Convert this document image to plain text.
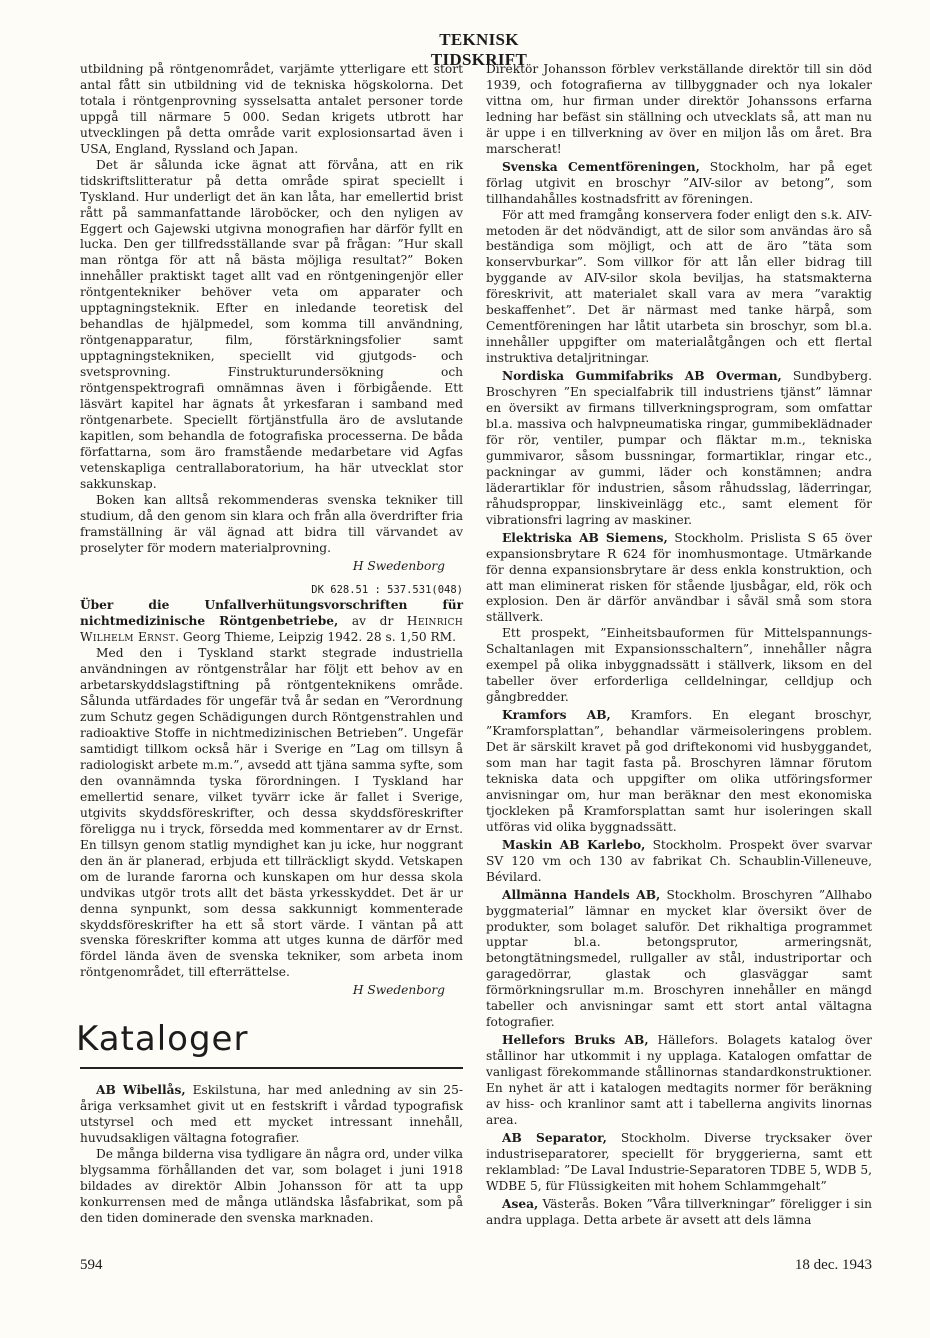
TEKNISK TIDSKRIFT

utbildning på röntgenområdet, varjämte ytterligare ett stort antal fått sin utbildning vid de tekniska högskolorna. Det totala i röntgenprovning sysselsatta antalet personer torde uppgå till närmare 5 000. Sedan krigets utbrott har utvecklingen på detta område varit explosionsartad även i USA, England, Ryssland och Japan.

Det är sålunda icke ägnat att förvåna, att en rik tidskriftslitteratur på detta område spirat speciellt i Tyskland. Hur underligt det än kan låta, har emellertid brist rått på sammanfattande läroböcker, och den nyligen av Eggert och Gajewski utgivna monografien har därför fyllt en lucka. Den ger tillfredsställande svar på frågan: ”Hur skall man röntga för att nå bästa möjliga resultat?” Boken innehåller praktiskt taget allt vad en röntgeningenjör eller röntgentekniker behöver veta om apparater och upptagningsteknik. Efter en inledande teoretisk del behandlas de hjälpmedel, som komma till användning, röntgenapparatur, film, förstärkningsfolier samt upptagningstekniken, speciellt vid gjutgods- och svetsprovning. Finstrukturundersökning och röntgenspektrografi omnämnas även i förbigående. Ett läsvärt kapitel har ägnats åt yrkesfaran i samband med röntgenarbete. Speciellt förtjänstfulla äro de avslutande kapitlen, som behandla de fotografiska processerna. De båda författarna, som äro framstående medarbetare vid Agfas vetenskapliga centrallaboratorium, ha här utvecklat stor sakkunskap.

Boken kan alltså rekommenderas svenska tekniker till studium, då den genom sin klara och från alla överdrifter fria framställning är väl ägnad att bidra till värvandet av proselyter för modern materialprovning.

H Swedenborg
DK 628.51 : 537.531(048)

Über die Unfallverhütungsvorschriften für nichtmedizinische Röntgenbetriebe, av dr Heinrich Wilhelm Ernst. Georg Thieme, Leipzig 1942. 28 s. 1,50 RM.

Med den i Tyskland starkt stegrade industriella användningen av röntgenstrålar har följt ett behov av en arbetarskyddslagstiftning på röntgenteknikens område. Sålunda utfärdades för ungefär två år sedan en ”Verordnung zum Schutz gegen Schädigungen durch Röntgenstrahlen und radioaktive Stoffe in nichtmedizinischen Betrieben”. Ungefär samtidigt tillkom också här i Sverige en ”Lag om tillsyn å radiologiskt arbete m.m.”, avsedd att tjäna samma syfte, som den ovannämnda tyska förordningen. I Tyskland har emellertid senare, vilket tyvärr icke är fallet i Sverige, utgivits skyddsföreskrifter, och dessa skyddsföreskrifter föreligga nu i tryck, försedda med kommentarer av dr Ernst. En tillsyn genom statlig myndighet kan ju icke, hur noggrant den än är planerad, erbjuda ett tillräckligt skydd. Vetskapen om de lurande farorna och kunskapen om hur dessa skola undvikas utgör trots allt det bästa yrkesskyddet. Det är ur denna synpunkt, som dessa sakkunnigt kommenterade skyddsföreskrifter ha ett så stort värde. I väntan på att svenska föreskrifter komma att utges kunna de därför med fördel lända även de svenska tekniker, som arbeta inom röntgenområdet, till efterrättelse.

H Swedenborg
Kataloger

AB Wibellås, Eskilstuna, har med anledning av sin 25-åriga verksamhet givit ut en festskrift i vårdad typografisk utstyrsel och med ett mycket intressant innehåll, huvudsakligen vältagna fotografier.

De många bilderna visa tydligare än några ord, under vilka blygsamma förhållanden det var, som bolaget i juni 1918 bildades av direktör Albin Johansson för att ta upp konkurrensen med de många utländska låsfabrikat, som på den tiden dominerade den svenska marknaden.

Direktör Johansson förblev verkställande direktör till sin död 1939, och fotografierna av tillbyggnader och nya lokaler vittna om, hur firman under direktör Johanssons erfarna ledning har befäst sin ställning och utvecklats så, att man nu är uppe i en tillverkning av över en miljon lås om året. Bra marscherat!

Svenska Cementföreningen, Stockholm, har på eget förlag utgivit en broschyr ”AIV-silor av betong”, som tillhandahålles kostnadsfritt av föreningen.

För att med framgång konservera foder enligt den s.k. AIV-metoden är det nödvändigt, att de silor som användas äro så beständiga som möjligt, och att de äro ”täta som konservburkar”. Som villkor för att lån eller bidrag till byggande av AIV-silor skola beviljas, ha statsmakterna föreskrivit, att materialet skall vara av mera ”varaktig beskaffenhet”. Det är närmast med tanke härpå, som Cementföreningen har låtit utarbeta sin broschyr, som bl.a. innehåller uppgifter om materialåtgången och ett flertal instruktiva detaljritningar.

Nordiska Gummifabriks AB Overman, Sundbyberg. Broschyren ”En specialfabrik till industriens tjänst” lämnar en översikt av firmans tillverkningsprogram, som omfattar bl.a. massiva och halvpneumatiska ringar, gummibeklädnader för rör, ventiler, pumpar och fläktar m.m., tekniska gummivaror, såsom bussningar, formartiklar, ringar etc., packningar av gummi, läder och konstämnen; andra läderartiklar för industrien, såsom råhudsslag, läderringar, råhudsproppar, linskiveinlägg etc., samt element för vibrationsfri lagring av maskiner.

Elektriska AB Siemens, Stockholm. Prislista S 65 över expansionsbrytare R 624 för inomhusmontage. Utmärkande för denna expansionsbrytare är dess enkla konstruktion, och att man eliminerat risken för stående ljusbågar, eld, rök och explosion. Den är därför användbar i såväl små som stora ställverk.

Ett prospekt, ”Einheitsbauformen für Mittelspannungs-Schaltanlagen mit Expansionsschaltern”, innehåller några exempel på olika inbyggnadssätt i ställverk, liksom en del tabeller över erforderliga celldelningar, celldjup och gångbredder.

Kramfors AB, Kramfors. En elegant broschyr, ”Kramforsplattan”, behandlar värmeisoleringens problem. Det är särskilt kravet på god driftekonomi vid husbyggandet, som man har tagit fasta på. Broschyren lämnar förutom tekniska data och uppgifter om olika utföringsformer anvisningar om, hur man beräknar den mest ekonomiska tjockleken på Kramforsplattan samt hur isoleringen skall utföras vid olika byggnadssätt.

Maskin AB Karlebo, Stockholm. Prospekt över svarvar SV 120 vm och 130 av fabrikat Ch. Schaublin-Villeneuve, Bévilard.

Allmänna Handels AB, Stockholm. Broschyren ”Allhabo byggmaterial” lämnar en mycket klar översikt över de produkter, som bolaget saluför. Det rikhaltiga programmet upptar bl.a. betongsprutor, armeringsnät, betongtätningsmedel, rullgaller av stål, industriportar och garagedörrar, glastak och glasväggar samt förmörkningsrullar m.m. Broschyren innehåller en mängd tabeller och anvisningar samt ett stort antal vältagna fotografier.

Hellefors Bruks AB, Hällefors. Bolagets katalog över stållinor har utkommit i ny upplaga. Katalogen omfattar de vanligast förekommande stållinornas standardkonstruktioner. En nyhet är att i katalogen medtagits normer för beräkning av hiss- och kranlinor samt att i tabellerna angivits linornas area.

AB Separator, Stockholm. Diverse trycksaker över industriseparatorer, speciellt för bryggerierna, samt ett reklamblad: ”De Laval Industrie-Separatoren TDBE 5, WDB 5, WDBE 5, für Flüssigkeiten mit hohem Schlammgehalt”

Asea, Västerås. Boken ”Våra tillverkningar” föreligger i sin andra upplaga. Detta arbete är avsett att dels lämna

594	18 dec. 1943
